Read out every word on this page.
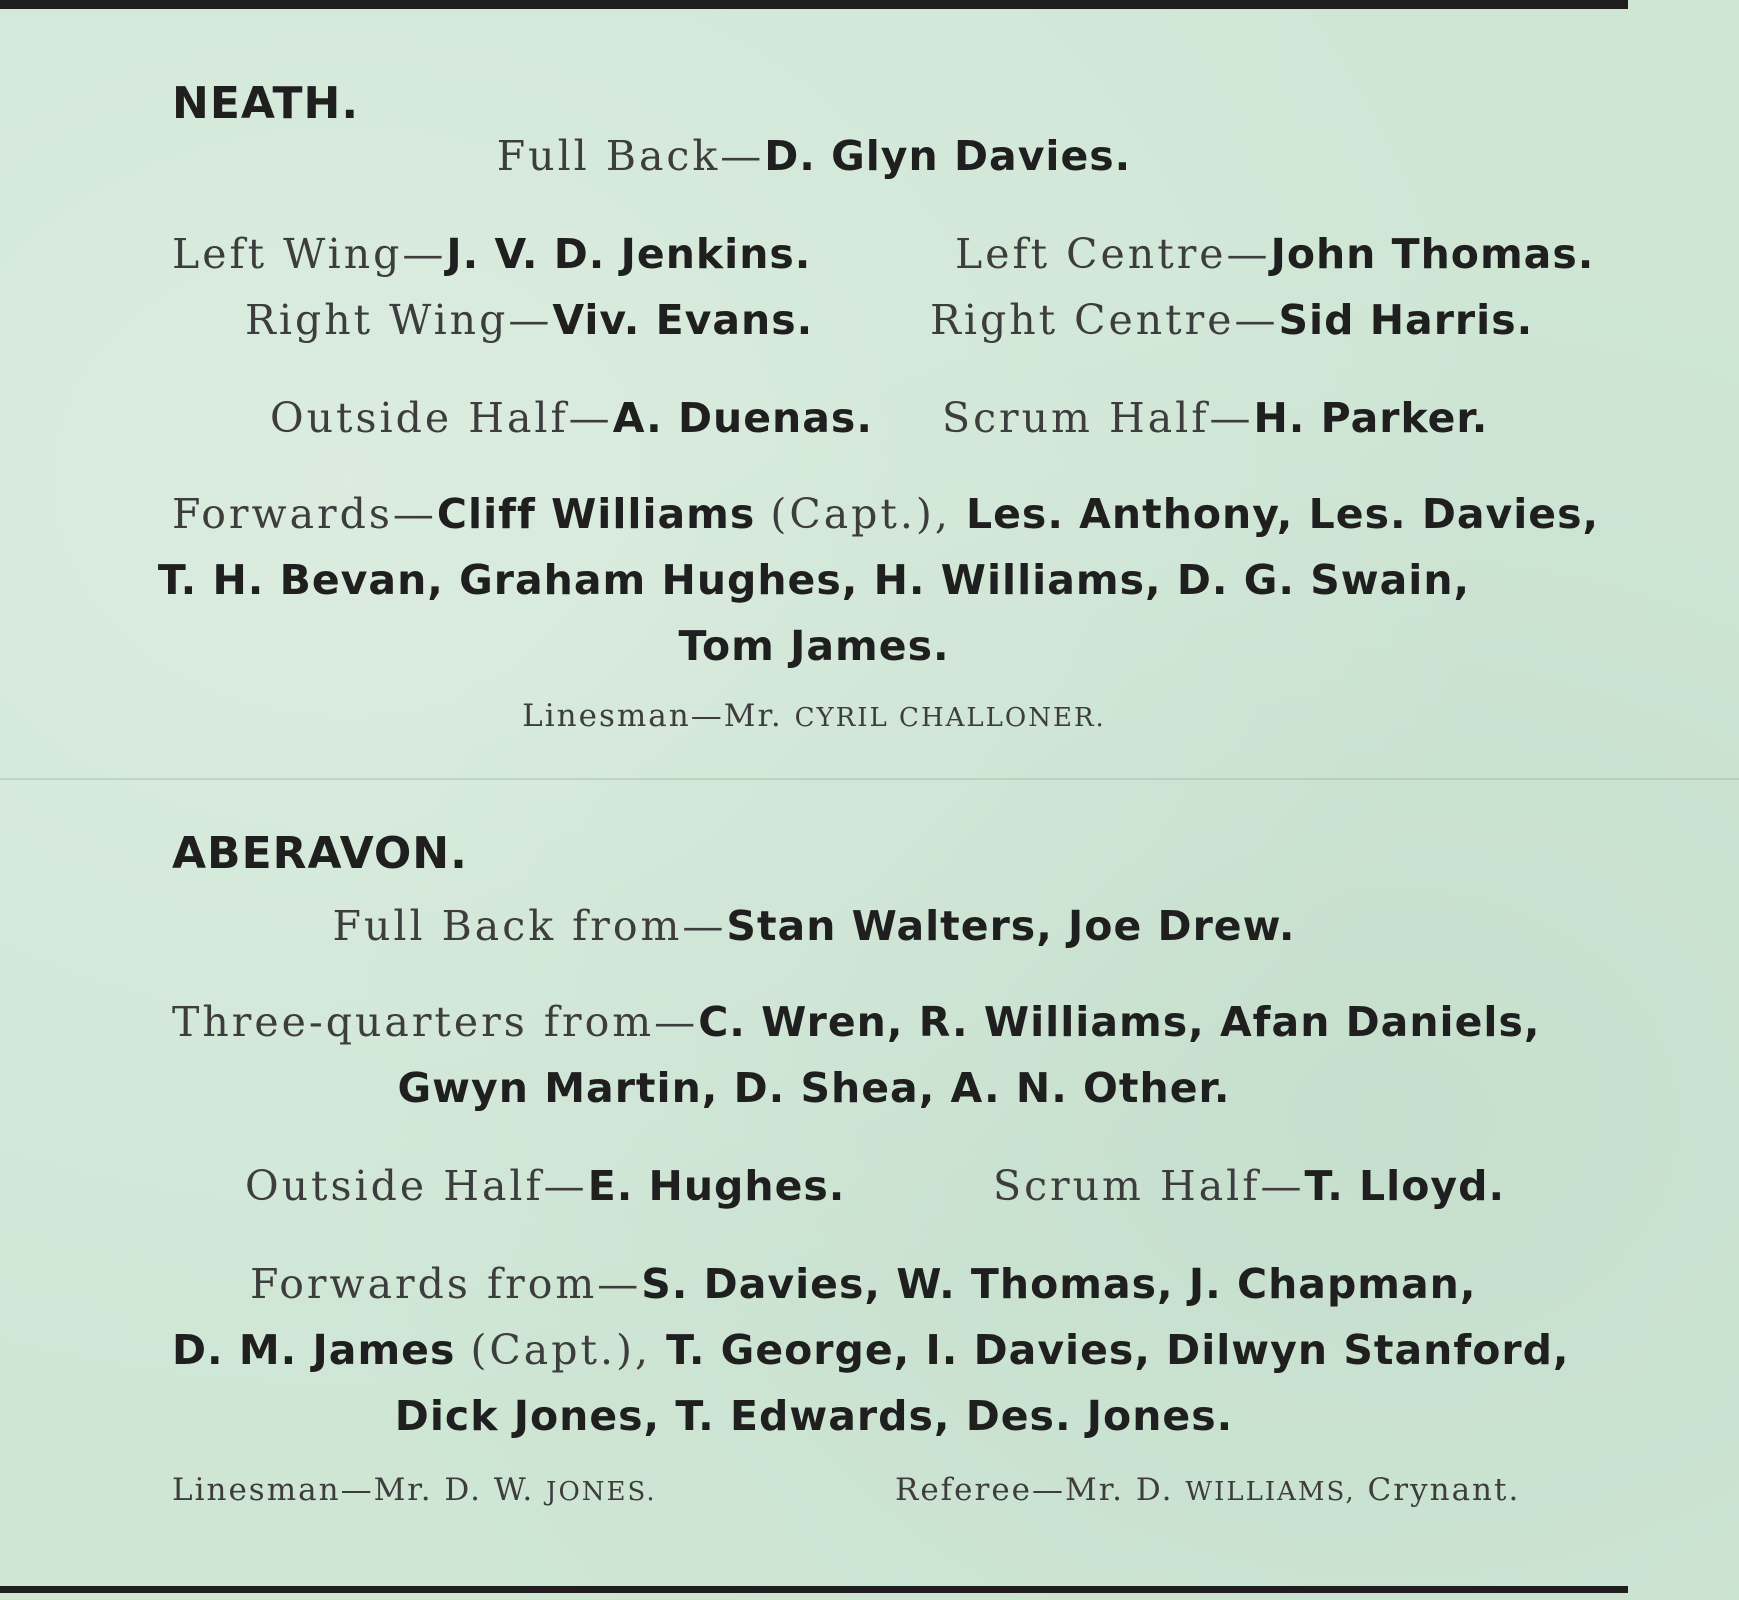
NEATH.
Full Back—D. Glyn Davies.
Left Wing—J. V. D. Jenkins.	Left Centre—John Thomas.
Right Wing—Viv. Evans.	Right Centre—Sid Harris.
Outside Half—A. Duenas. Scrum Half—H. Parker.
Forwards—Cliff Williams (Capt.), Les. Anthony, Les. Davies,
T. H. Bevan, Graham Hughes, H. Williams, D. G. Swain,
Tom James.
Linesman—Mr. CYRIL CHALLONER.
ABERAVON.
Full Back from—Stan Walters, Joe Drew.
Three-quarters from—C. Wren, R. Williams, Afan Daniels,
Gwyn Martin, D. Shea, A. N. Other.
Outside Half—E. Hughes.	Scrum Half—T. Lloyd.
Forwards from—S. Davies, W. Thomas, J. Chapman,
D. M. James (Capt.), T. George, I. Davies, Dilwyn Stanford,
Dick Jones, T. Edwards, Des. Jones.
Linesman—Mr. D. W. JONES.	Referee—Mr. D. WILLIAMS, Crynant.
